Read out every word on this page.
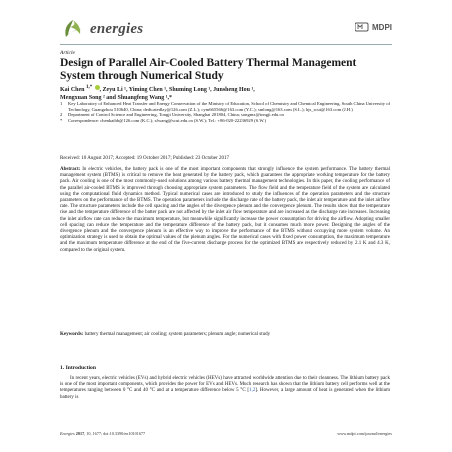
energies	MDPI
Article
Design of Parallel Air-Cooled Battery Thermal Management System through Numerical Study
Kai Chen $^{1,*}$ , Zeyu Li ¹, Yiming Chen ¹, Shuming Long ¹, Junsheng Hou ¹,
Mengxuan Song ² and Shuangfeng Wang ¹,*
1	Key Laboratory of Enhanced Heat Transfer and Energy Conservation of the Ministry of Education, School of Chemistry and Chemical Engineering, South China University of Technology, Guangzhou 510640, China; dedicatedlzy@126.com (Z.L.); cym665566@163.com (Y.C.); smlong@163.com (S.L.); hjs_scut@163.com (J.H.)
2	Department of Control Science and Engineering, Tongji University, Shanghai 201804, China; songmx@tongji.edu.cn
*	Correspondence: chenkaihb@126.com (K.C.); sfwang@scut.edu.cn (S.W.); Tel.: +86-020-22236929 (S.W.)
Received: 10 August 2017; Accepted: 19 October 2017; Published: 23 October 2017
Abstract: In electric vehicles, the battery pack is one of the most important components that strongly influence the system performance. The battery thermal management system (BTMS) is critical to remove the heat generated by the battery pack, which guarantees the appropriate working temperature for the battery pack. Air cooling is one of the most commonly-used solutions among various battery thermal management technologies. In this paper, the cooling performance of the parallel air-cooled BTMS is improved through choosing appropriate system parameters. The flow field and the temperature field of the system are calculated using the computational fluid dynamics method. Typical numerical cases are introduced to study the influences of the operation parameters and the structure parameters on the performance of the BTMS. The operation parameters include the discharge rate of the battery pack, the inlet air temperature and the inlet airflow rate. The structure parameters include the cell spacing and the angles of the divergence plenum and the convergence plenum. The results show that the temperature rise and the temperature difference of the batter pack are not affected by the inlet air flow temperature and are increased as the discharge rate increases. Increasing the inlet airflow rate can reduce the maximum temperature, but meanwhile significantly increase the power consumption for driving the airflow. Adopting smaller cell spacing can reduce the temperature and the temperature difference of the battery pack, but it consumes much more power. Designing the angles of the divergence plenum and the convergence plenum is an effective way to improve the performance of the BTMS without occupying more system volume. An optimization strategy is used to obtain the optimal values of the plenum angles. For the numerical cases with fixed power consumption, the maximum temperature and the maximum temperature difference at the end of the five-current discharge process for the optimized BTMS are respectively reduced by 2.1 K and 4.3 K, compared to the original system.
Keywords: battery thermal management; air cooling; system parameters; plenum angle; numerical study
1. Introduction
In recent years, electric vehicles (EVs) and hybrid electric vehicles (HEVs) have attracted worldwide attention due to their cleanness. The lithium battery pack is one of the most important components, which provides the power for EVs and HEVs. Much research has shown that the lithium battery cell performs well at the temperatures ranging between 0 °C and 40 °C and at a temperature difference below 5 °C [1,2]. However, a large amount of heat is generated when the lithium battery is
Energies 2017, 10, 1677; doi:10.3390/en10101677	www.mdpi.com/journal/energies
